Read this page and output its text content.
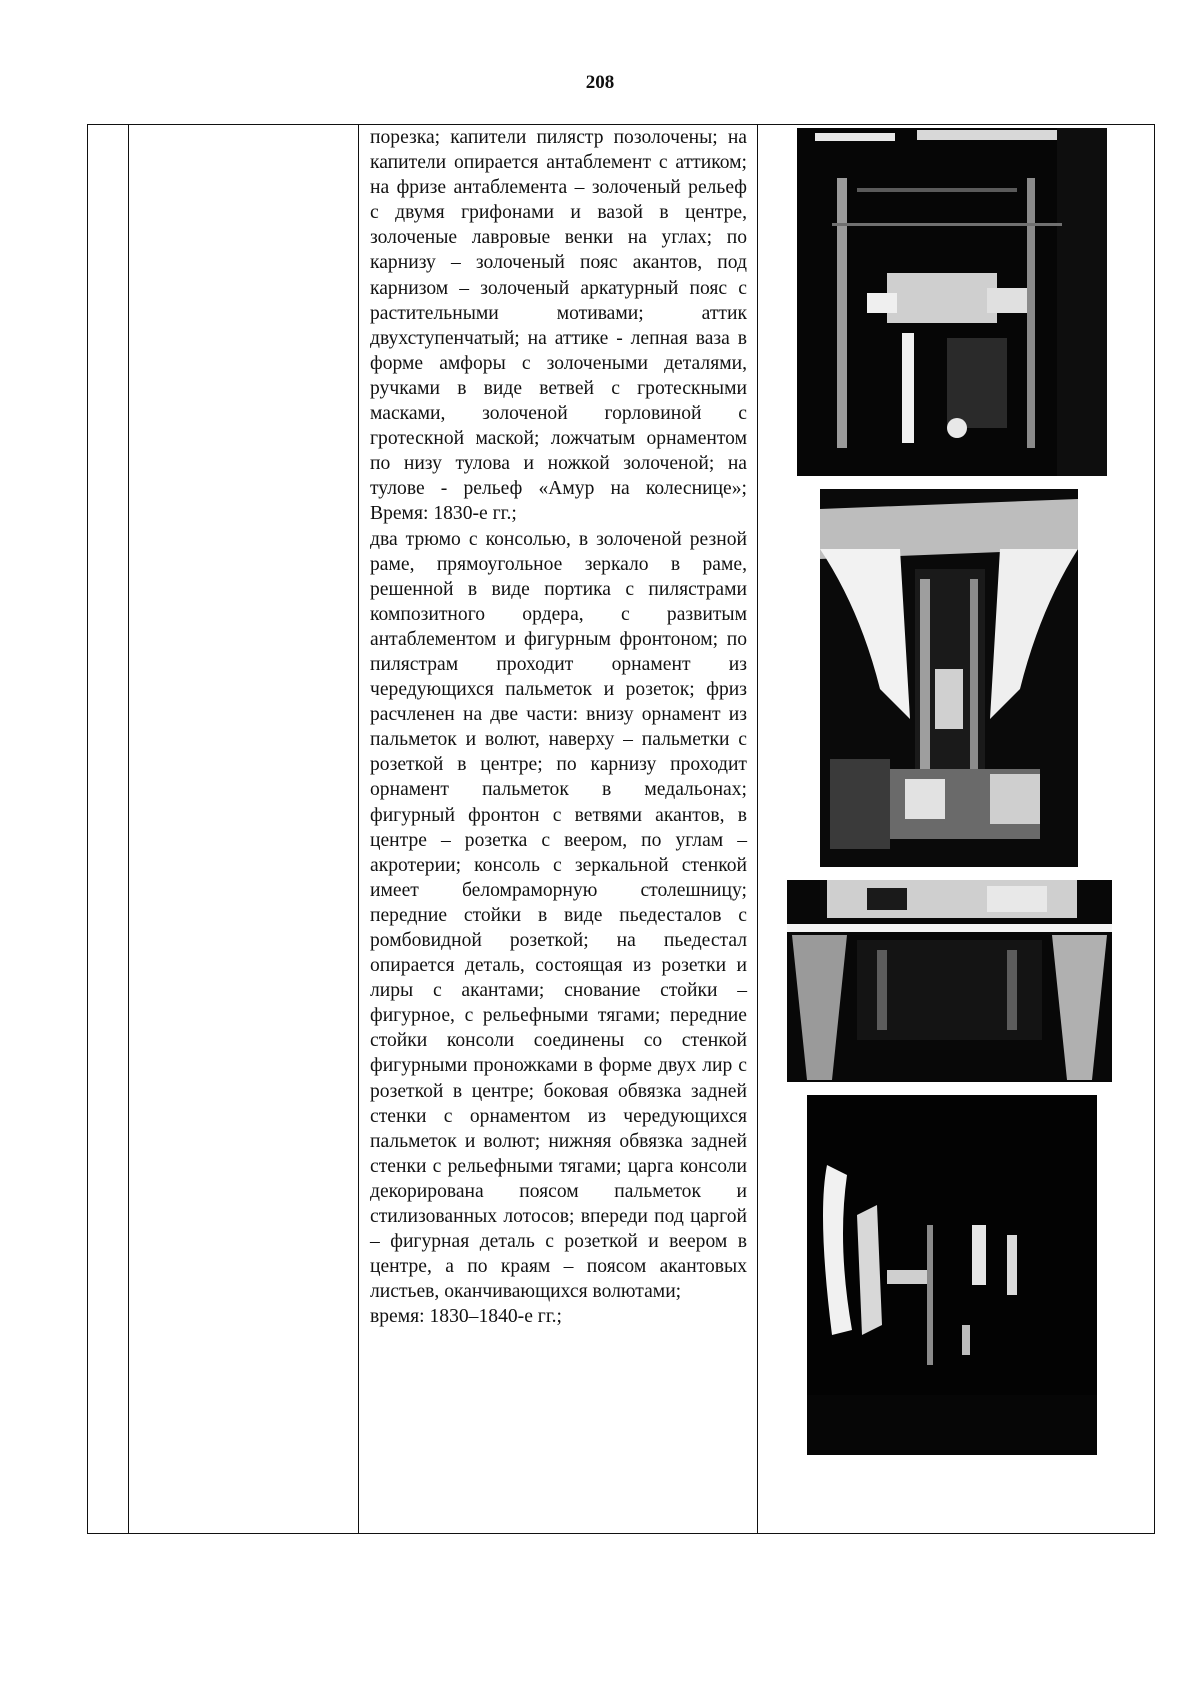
208

порезка; капители пилястр позолочены; на капители опирается антаблемент с аттиком; на фризе антаблемента – золоченый рельеф с двумя грифонами и вазой в центре, золоченые лавровые венки на углах; по карнизу – золоченый пояс акантов, под карнизом – золоченый аркатурный пояс с растительными мотивами; аттик двухступенчатый; на аттике - лепная ваза в форме амфоры с золочеными деталями, ручками в виде ветвей с гротескными масками, золоченой горловиной с гротескной маской; ложчатым орнаментом по низу тулова и ножкой золоченой; на тулове - рельеф «Амур на колеснице»; Время: 1830-е гг.;

два трюмо с консолью, в золоченой резной раме, прямоугольное зеркало в раме, решенной в виде портика с пилястрами композитного ордера, с развитым антаблементом и фигурным фронтоном; по пилястрам проходит орнамент из чередующихся пальметок и розеток; фриз расчленен на две части: внизу орнамент из пальметок и волют, наверху – пальметки с розеткой в центре; по карнизу проходит орнамент пальметок в медальонах; фигурный фронтон с ветвями акантов, в центре – розетка с веером, по углам – акротерии; консоль с зеркальной стенкой имеет беломраморную столешницу; передние стойки в виде пьедесталов с ромбовидной розеткой; на пьедестал опирается деталь, состоящая из розетки и лиры с акантами; снование стойки – фигурное, с рельефными тягами; передние стойки консоли соединены со стенкой фигурными проножками в форме двух лир с розеткой в центре; боковая обвязка задней стенки с орнаментом из чередующихся пальметок и волют; нижняя обвязка задней стенки с рельефными тягами; царга консоли декорирована поясом пальметок и стилизованных лотосов; впереди под царгой – фигурная деталь с розеткой и веером в центре, а по краям – поясом акантовых листьев, оканчивающихся волютами;

время: 1830–1840-е гг.;
